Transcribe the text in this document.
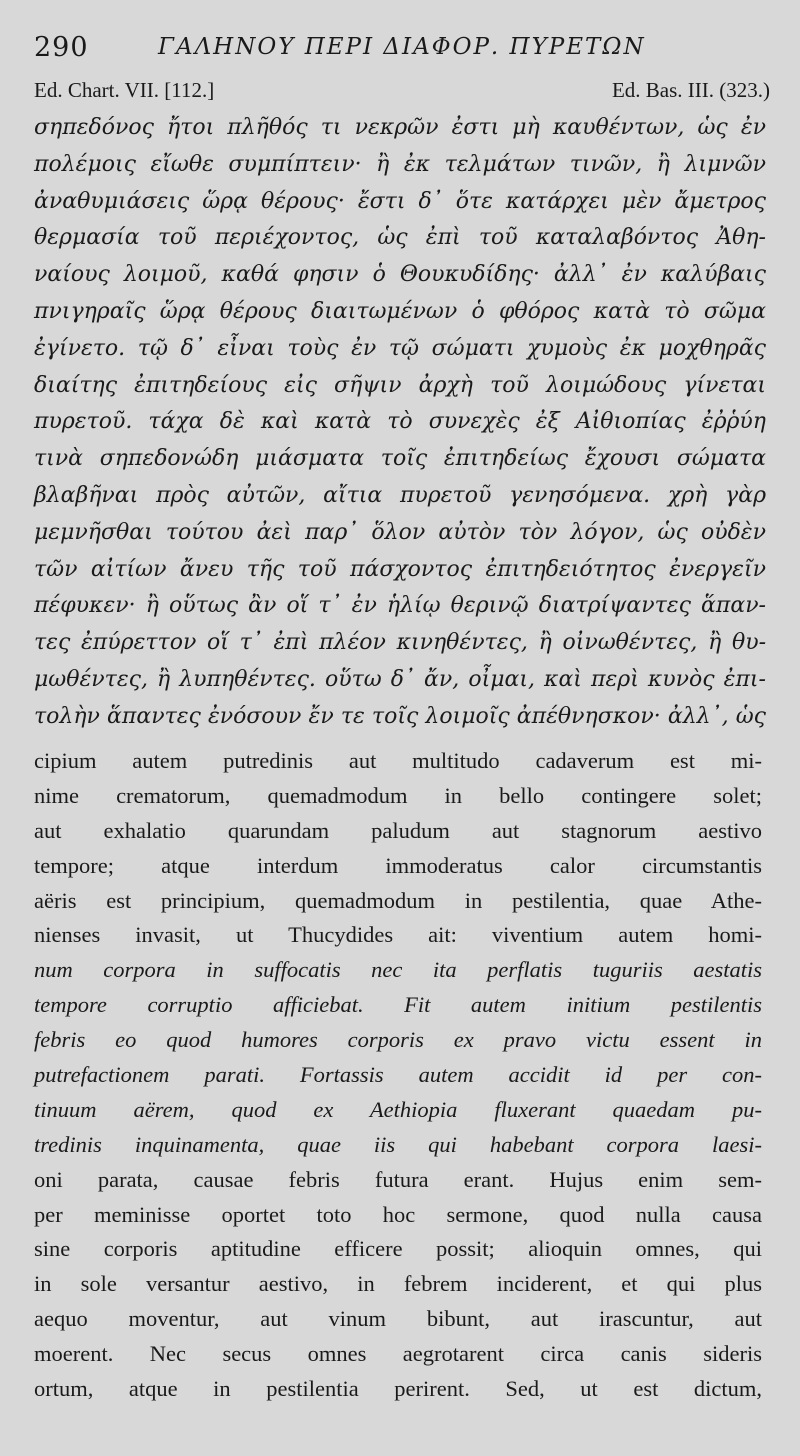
290	ΓΑΛΗΝΟΥ ΠΕΡΙ ΔΙΑΦΟΡ. ΠΥΡΕΤΩΝ
Ed. Chart. VII. [112.]	Ed. Bas. III. (323.)
σηπεδόνος ἤτοι πλῆθός τι νεκρῶν ἐστι μὴ καυθέντων, ὡς ἐν
πολέμοις εἴωθε συμπίπτειν· ἢ ἐκ τελμάτων τινῶν, ἢ λιμνῶν
ἀναθυμιάσεις ὥρᾳ θέρους· ἔστι δ᾽ ὅτε κατάρχει μὲν ἄμετρος
θερμασία τοῦ περιέχοντος, ὡς ἐπὶ τοῦ καταλαβόντος Ἀθη-
ναίους λοιμοῦ, καθά φησιν ὁ Θουκυδίδης· ἀλλ᾽ ἐν καλύβαις
πνιγηραῖς ὥρᾳ θέρους διαιτωμένων ὁ φθόρος κατὰ τὸ σῶμα
ἐγίνετο. τῷ δ᾽ εἶναι τοὺς ἐν τῷ σώματι χυμοὺς ἐκ μοχθηρᾶς
διαίτης ἐπιτηδείους εἰς σῆψιν ἀρχὴ τοῦ λοιμώδους γίνεται
πυρετοῦ. τάχα δὲ καὶ κατὰ τὸ συνεχὲς ἐξ Αἰθιοπίας ἐῤῥύη
τινὰ σηπεδονώδη μιάσματα τοῖς ἐπιτηδείως ἔχουσι σώματα
βλαβῆναι πρὸς αὐτῶν, αἴτια πυρετοῦ γενησόμενα. χρὴ γὰρ
μεμνῆσθαι τούτου ἀεὶ παρ᾽ ὅλον αὐτὸν τὸν λόγον, ὡς οὐδὲν
τῶν αἰτίων ἄνευ τῆς τοῦ πάσχοντος ἐπιτηδειότητος ἐνεργεῖν
πέφυκεν· ἢ οὕτως ἂν οἵ τ᾽ ἐν ἡλίῳ θερινῷ διατρίψαντες ἅπαν-
τες ἐπύρεττον οἵ τ᾽ ἐπὶ πλέον κινηθέντες, ἢ οἰνωθέντες, ἢ θυ-
μωθέντες, ἢ λυπηθέντες. οὕτω δ᾽ ἄν, οἶμαι, καὶ περὶ κυνὸς ἐπι-
τολὴν ἅπαντες ἐνόσουν ἔν τε τοῖς λοιμοῖς ἀπέθνησκον· ἀλλ᾽, ὡς
cipium autem putredinis aut multitudo cadaverum est mi-
nime crematorum, quemadmodum in bello contingere solet;
aut exhalatio quarundam paludum aut stagnorum aestivo
tempore; atque interdum immoderatus calor circumstantis
aëris est principium, quemadmodum in pestilentia, quae Athe-
nienses invasit, ut Thucydides ait: viventium autem homi-
num corpora in suffocatis nec ita perflatis tuguriis aestatis
tempore corruptio afficiebat. Fit autem initium pestilentis
febris eo quod humores corporis ex pravo victu essent in
putrefactionem parati. Fortassis autem accidit id per con-
tinuum aërem, quod ex Aethiopia fluxerant quaedam pu-
tredinis inquinamenta, quae iis qui habebant corpora laesi-
oni parata, causae febris futura erant. Hujus enim sem-
per meminisse oportet toto hoc sermone, quod nulla causa
sine corporis aptitudine efficere possit; alioquin omnes, qui
in sole versantur aestivo, in febrem inciderent, et qui plus
aequo moventur, aut vinum bibunt, aut irascuntur, aut
moerent. Nec secus omnes aegrotarent circa canis sideris
ortum, atque in pestilentia perirent. Sed, ut est dictum,
